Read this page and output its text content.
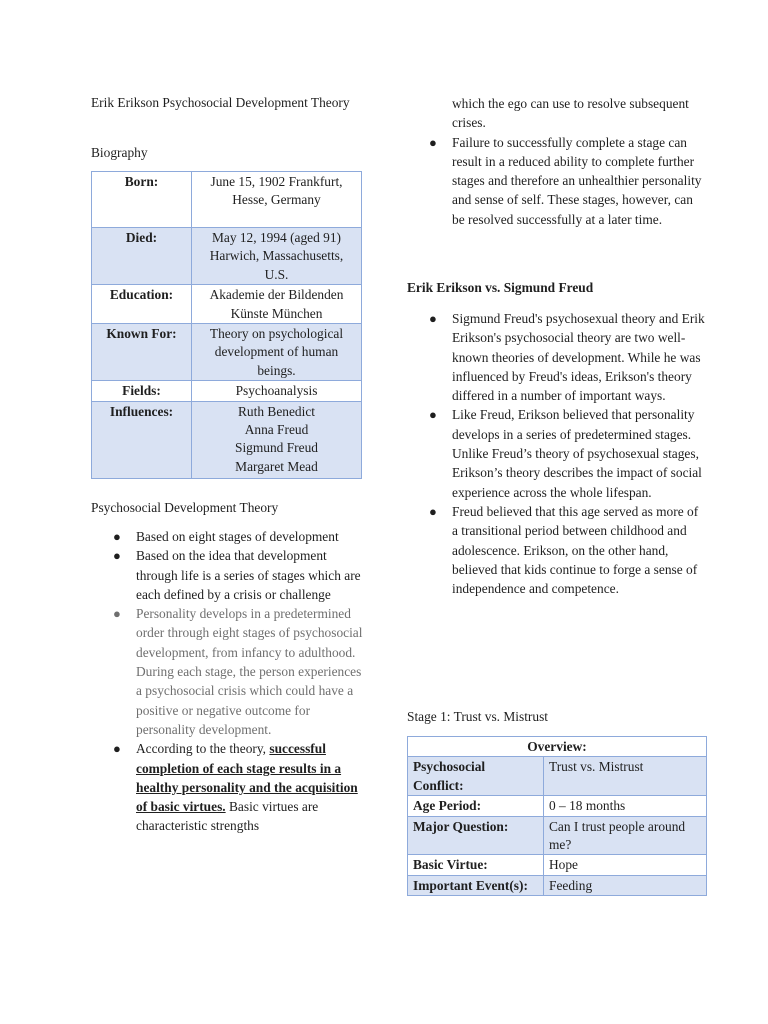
Erik Erikson Psychosocial Development Theory

Biography

Born:	June 15, 1902 Frankfurt, Hesse, Germany
Died:	May 12, 1994 (aged 91) Harwich, Massachusetts, U.S.
Education:	Akademie der Bildenden Künste München
Known For:	Theory on psychological development of human beings.
Fields:	Psychoanalysis
Influences:	Ruth Benedict
Anna Freud
Sigmund Freud
Margaret Mead

Psychosocial Development Theory

● Based on eight stages of development
● Based on the idea that development through life is a series of stages which are each defined by a crisis or challenge
● Personality develops in a predetermined order through eight stages of psychosocial development, from infancy to adulthood. During each stage, the person experiences a psychosocial crisis which could have a positive or negative outcome for personality development.
● According to the theory, successful completion of each stage results in a healthy personality and the acquisition of basic virtues. Basic virtues are characteristic strengths
which the ego can use to resolve subsequent crises.
● Failure to successfully complete a stage can result in a reduced ability to complete further stages and therefore an unhealthier personality and sense of self. These stages, however, can be resolved successfully at a later time.

Erik Erikson vs. Sigmund Freud

● Sigmund Freud's psychosexual theory and Erik Erikson's psychosocial theory are two well-known theories of development. While he was influenced by Freud's ideas, Erikson's theory differed in a number of important ways.
● Like Freud, Erikson believed that personality develops in a series of predetermined stages. Unlike Freud’s theory of psychosexual stages, Erikson’s theory describes the impact of social experience across the whole lifespan.
● Freud believed that this age served as more of a transitional period between childhood and adolescence. Erikson, on the other hand, believed that kids continue to forge a sense of independence and competence.

Stage 1: Trust vs. Mistrust

Overview:	
Psychosocial Conflict:	Trust vs. Mistrust
Age Period:	0 – 18 months
Major Question:	Can I trust people around me?
Basic Virtue:	Hope
Important Event(s):	Feeding
